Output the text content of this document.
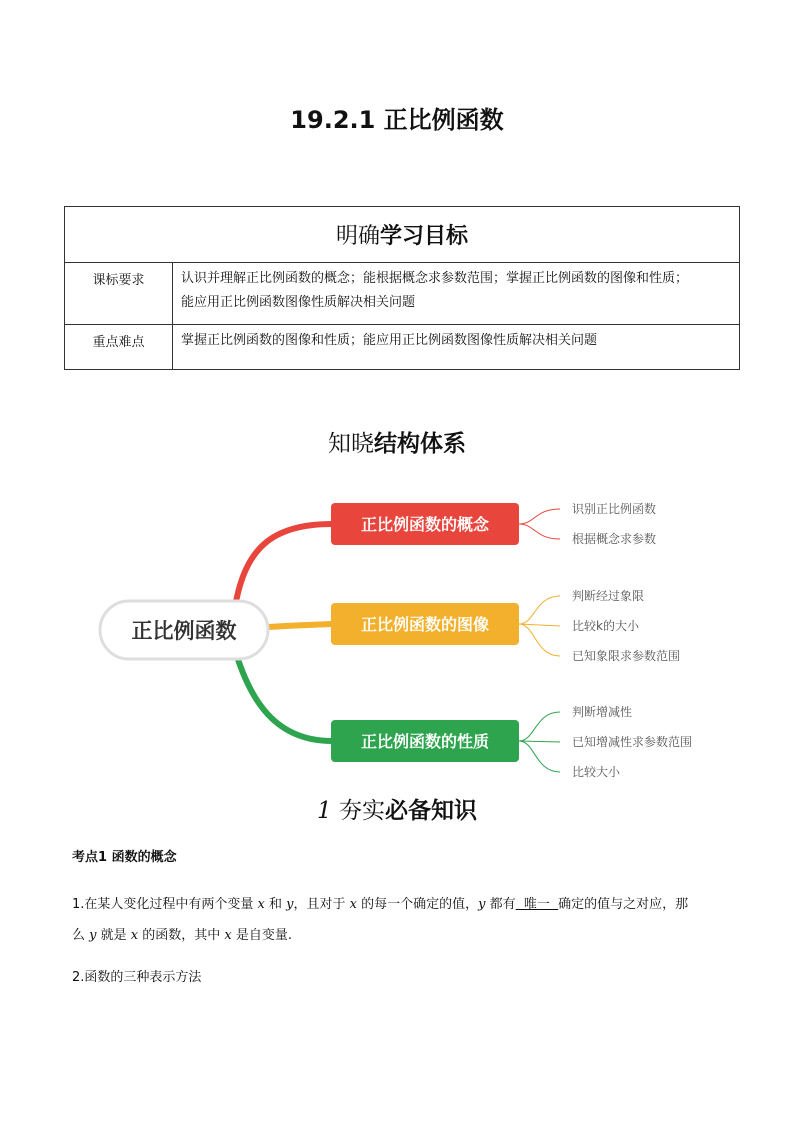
19.2.1 正比例函数
明确学习目标	
课标要求	认识并理解正比例函数的概念；能根据概念求参数范围；掌握正比例函数的图像和性质；
能应用正比例函数图像性质解决相关问题

重点难点	掌握正比例函数的图像和性质；能应用正比例函数图像性质解决相关问题
知晓结构体系
正比例函数
正比例函数的概念
识别正比例函数
根据概念求参数
正比例函数的图像
判断经过象限
比较k的大小
已知象限求参数范围
正比例函数的性质
判断增减性
已知增减性求参数范围
比较大小
1 夯实必备知识
考点1 函数的概念
1.在某人变化过程中有两个变量 x 和 y，且对于 x 的每一个确定的值，y 都有  唯一  确定的值与之对应，那
么 y 就是 x 的函数，其中 x 是自变量.
2.函数的三种表示方法
